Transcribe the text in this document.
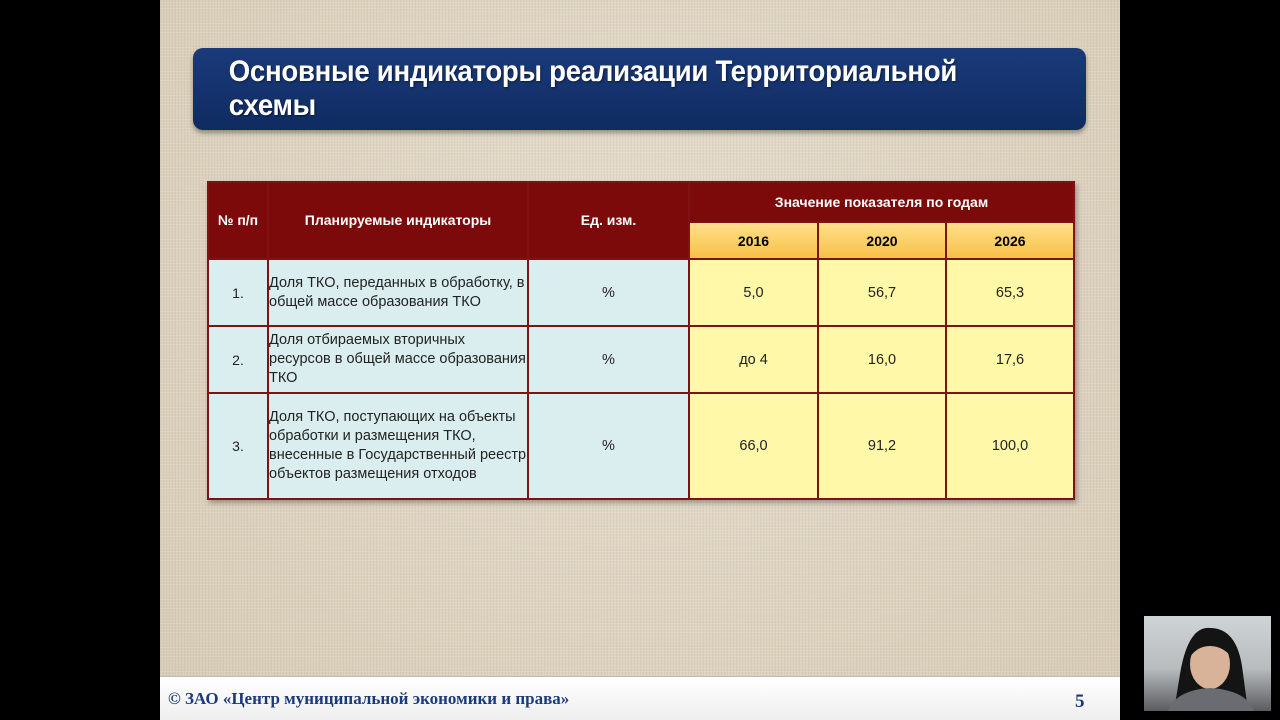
Основные индикаторы реализации Территориальной схемы
№ п/п	Планируемые индикаторы	Ед. изм.	Значение показателя по годам		
			2016	2020	2026
1.	Доля ТКО, переданных в обработку, в общей массе образования ТКО	%	5,0	56,7	65,3
2.	Доля отбираемых вторичных ресурсов в общей массе образования ТКО	%	до 4	16,0	17,6
3.	Доля ТКО, поступающих на объекты обработки и размещения ТКО, внесенные в Государственный реестр объектов размещения отходов	%	66,0	91,2	100,0
© ЗАО «Центр муниципальной экономики и права»	5
